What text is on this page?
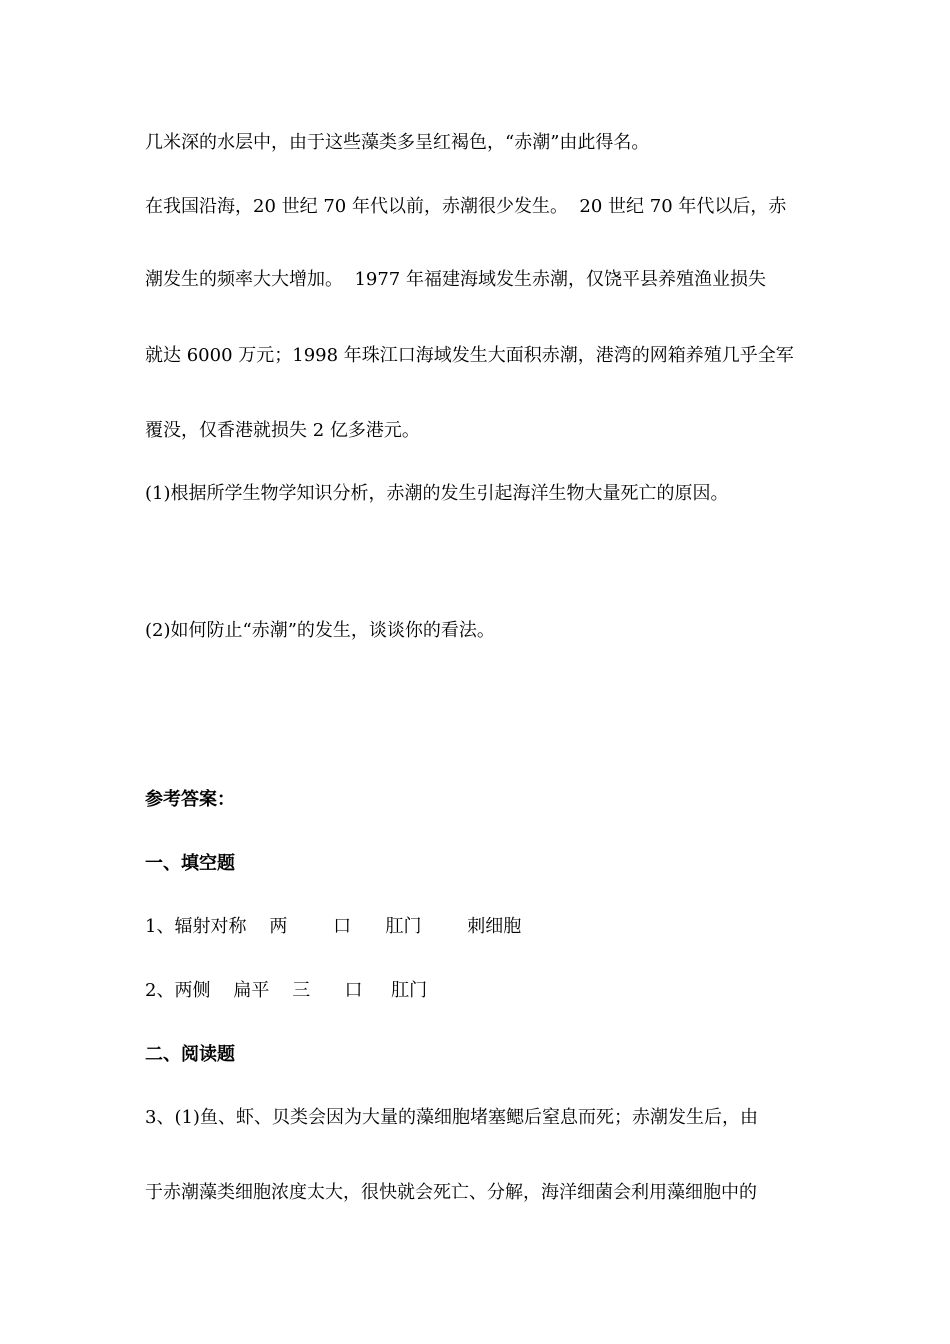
几米深的水层中，由于这些藻类多呈红褐色，“赤潮”由此得名。

在我国沿海，20 世纪 70 年代以前，赤潮很少发生。  20 世纪 70 年代以后，赤

潮发生的频率大大增加。  1977 年福建海域发生赤潮，仅饶平县养殖渔业损失

就达 6000 万元；1998 年珠江口海域发生大面积赤潮，港湾的网箱养殖几乎全军

覆没，仅香港就损失 2 亿多港元。

(1)根据所学生物学知识分析，赤潮的发生引起海洋生物大量死亡的原因。

(2)如何防止“赤潮”的发生，谈谈你的看法。

参考答案：

一、填空题

1、辐射对称    两        口      肛门        刺细胞

2、两侧    扁平    三      口     肛门

二、阅读题

3、(1)鱼、虾、贝类会因为大量的藻细胞堵塞鳃后窒息而死；赤潮发生后，由

于赤潮藻类细胞浓度太大，很快就会死亡、分解，海洋细菌会利用藻细胞中的
